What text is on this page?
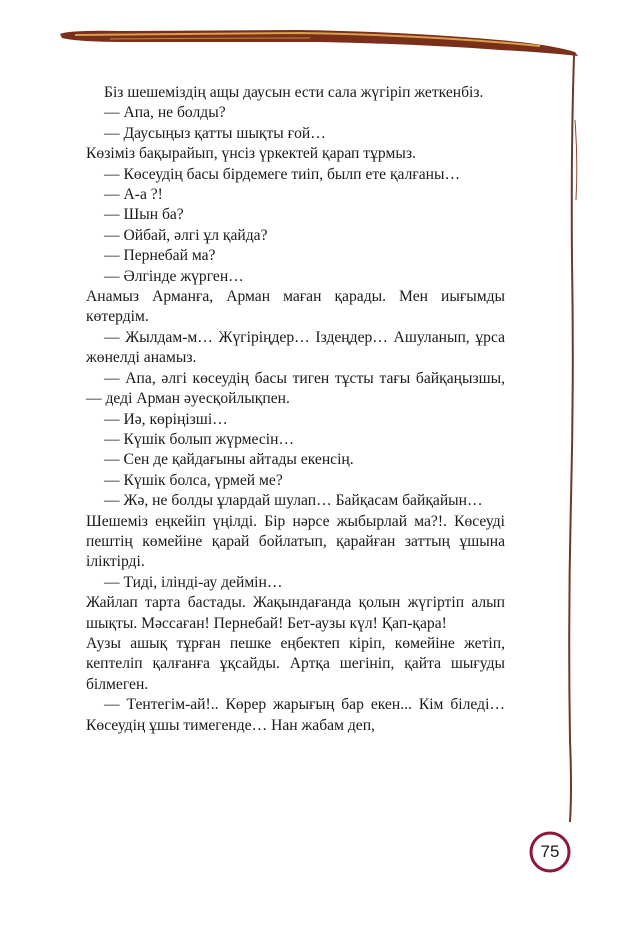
Біз шешеміздің ащы даусын ести сала жүгіріп жеткенбіз.

— Апа, не болды?

— Даусыңыз қатты шықты ғой…

Көзіміз бақырайып, үнсіз үркектей қарап тұрмыз.

— Көсеудің басы бірдемеге тиіп, былп ете қалғаны…

— А-а ?!

— Шын ба?

— Ойбай, әлгі ұл қайда?

— Пернебай ма?

— Әлгінде жүрген…

Анамыз Арманға, Арман маған қарады. Мен иығымды көтердім.

— Жылдам-м… Жүгіріңдер… Іздеңдер… Ашуланып, ұрса жөнелді анамыз.

— Апа, әлгі көсеудің басы тиген тұсты тағы байқаңызшы, — деді Арман әуесқойлықпен.

— Иә, көріңізші…

— Күшік болып жүрмесін…

— Сен де қайдағыны айтады екенсің.

— Күшік болса, үрмей ме?

— Жә, не болды ұлардай шулап… Байқасам байқайын…

Шешеміз еңкейіп үңілді. Бір нәрсе жыбырлай ма?!. Көсеуді пештің көмейіне қарай бойлатып, қарайған заттың ұшына іліктірді.

— Тиді, ілінді-ау деймін…

Жайлап тарта бастады. Жақындағанда қолын жүгіртіп алып шықты. Мәссаған! Пернебай! Бет-аузы күл! Қап-қара!

Аузы ашық тұрған пешке еңбектеп кіріп, көмейіне жетіп, кептеліп қалғанға ұқсайды. Артқа шегініп, қайта шығуды білмеген.

— Тентегім-ай!.. Көрер жарығың бар екен... Кім біледі… Көсеудің ұшы тимегенде… Нан жабам деп,

75
